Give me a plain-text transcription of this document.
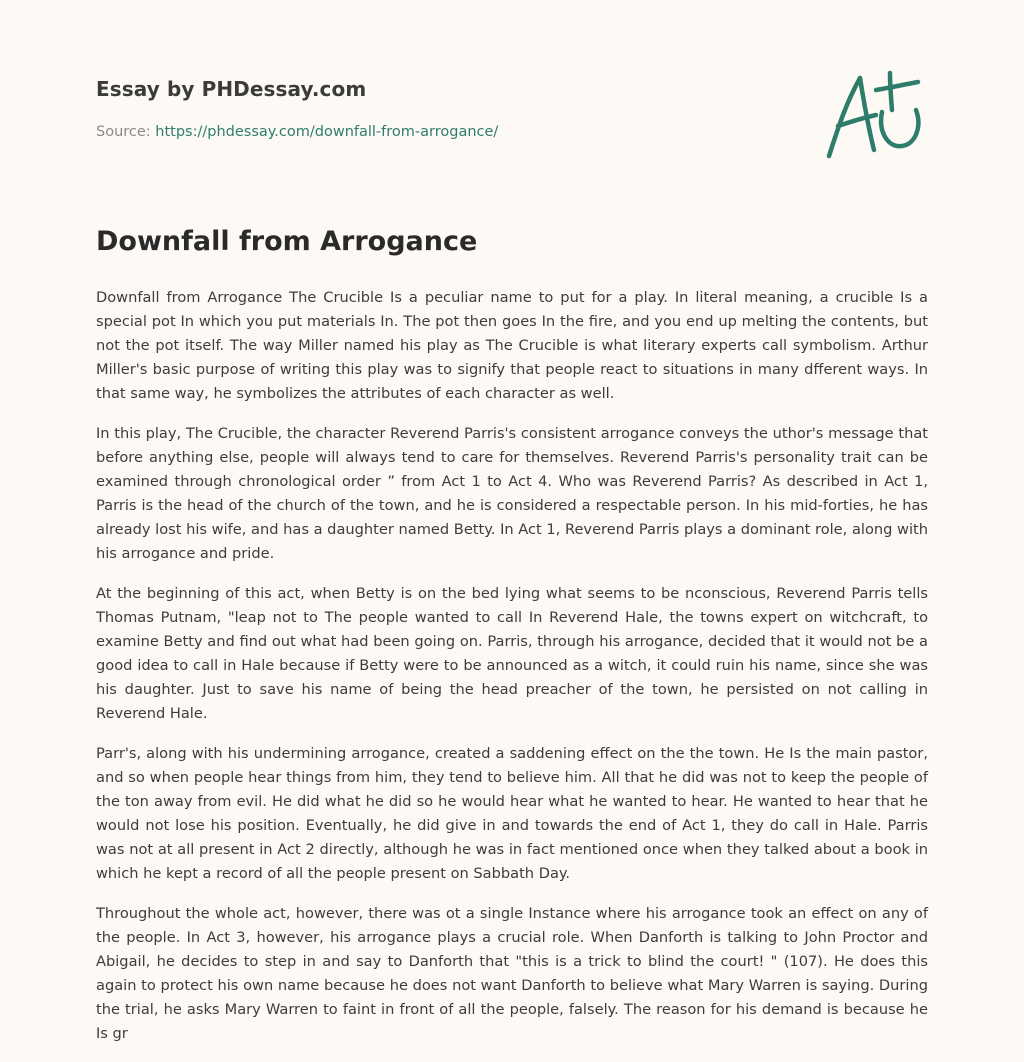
Essay by PHDessay.com
Source: https://phdessay.com/downfall-from-arrogance/
Downfall from Arrogance

Downfall from Arrogance The Crucible Is a peculiar name to put for a play. In literal meaning, a crucible Is a special pot In which you put materials In. The pot then goes In the fire, and you end up melting the contents, but not the pot itself. The way Miller named his play as The Crucible is what literary experts call symbolism. Arthur Miller's basic purpose of writing this play was to signify that people react to situations in many dfferent ways. In that same way, he symbolizes the attributes of each character as well.

In this play, The Crucible, the character Reverend Parris's consistent arrogance conveys the uthor's message that before anything else, people will always tend to care for themselves. Reverend Parris's personality trait can be examined through chronological order ” from Act 1 to Act 4. Who was Reverend Parris? As described in Act 1, Parris is the head of the church of the town, and he is considered a respectable person. In his mid-forties, he has already lost his wife, and has a daughter named Betty. In Act 1, Reverend Parris plays a dominant role, along with his arrogance and pride.

At the beginning of this act, when Betty is on the bed lying what seems to be nconscious, Reverend Parris tells Thomas Putnam, "leap not to The people wanted to call In Reverend Hale, the towns expert on witchcraft, to examine Betty and find out what had been going on. Parris, through his arrogance, decided that it would not be a good idea to call in Hale because if Betty were to be announced as a witch, it could ruin his name, since she was his daughter. Just to save his name of being the head preacher of the town, he persisted on not calling in Reverend Hale.

Parr's, along with his undermining arrogance, created a saddening effect on the the town. He Is the main pastor, and so when people hear things from him, they tend to believe him. All that he did was not to keep the people of the ton away from evil. He did what he did so he would hear what he wanted to hear. He wanted to hear that he would not lose his position. Eventually, he did give in and towards the end of Act 1, they do call in Hale. Parris was not at all present in Act 2 directly, although he was in fact mentioned once when they talked about a book in which he kept a record of all the people present on Sabbath Day.

Throughout the whole act, however, there was ot a single Instance where his arrogance took an effect on any of the people. In Act 3, however, his arrogance plays a crucial role. When Danforth is talking to John Proctor and Abigail, he decides to step in and say to Danforth that "this is a trick to blind the court! " (107). He does this again to protect his own name because he does not want Danforth to believe what Mary Warren is saying. During the trial, he asks Mary Warren to faint in front of all the people, falsely. The reason for his demand is because he Is gr
